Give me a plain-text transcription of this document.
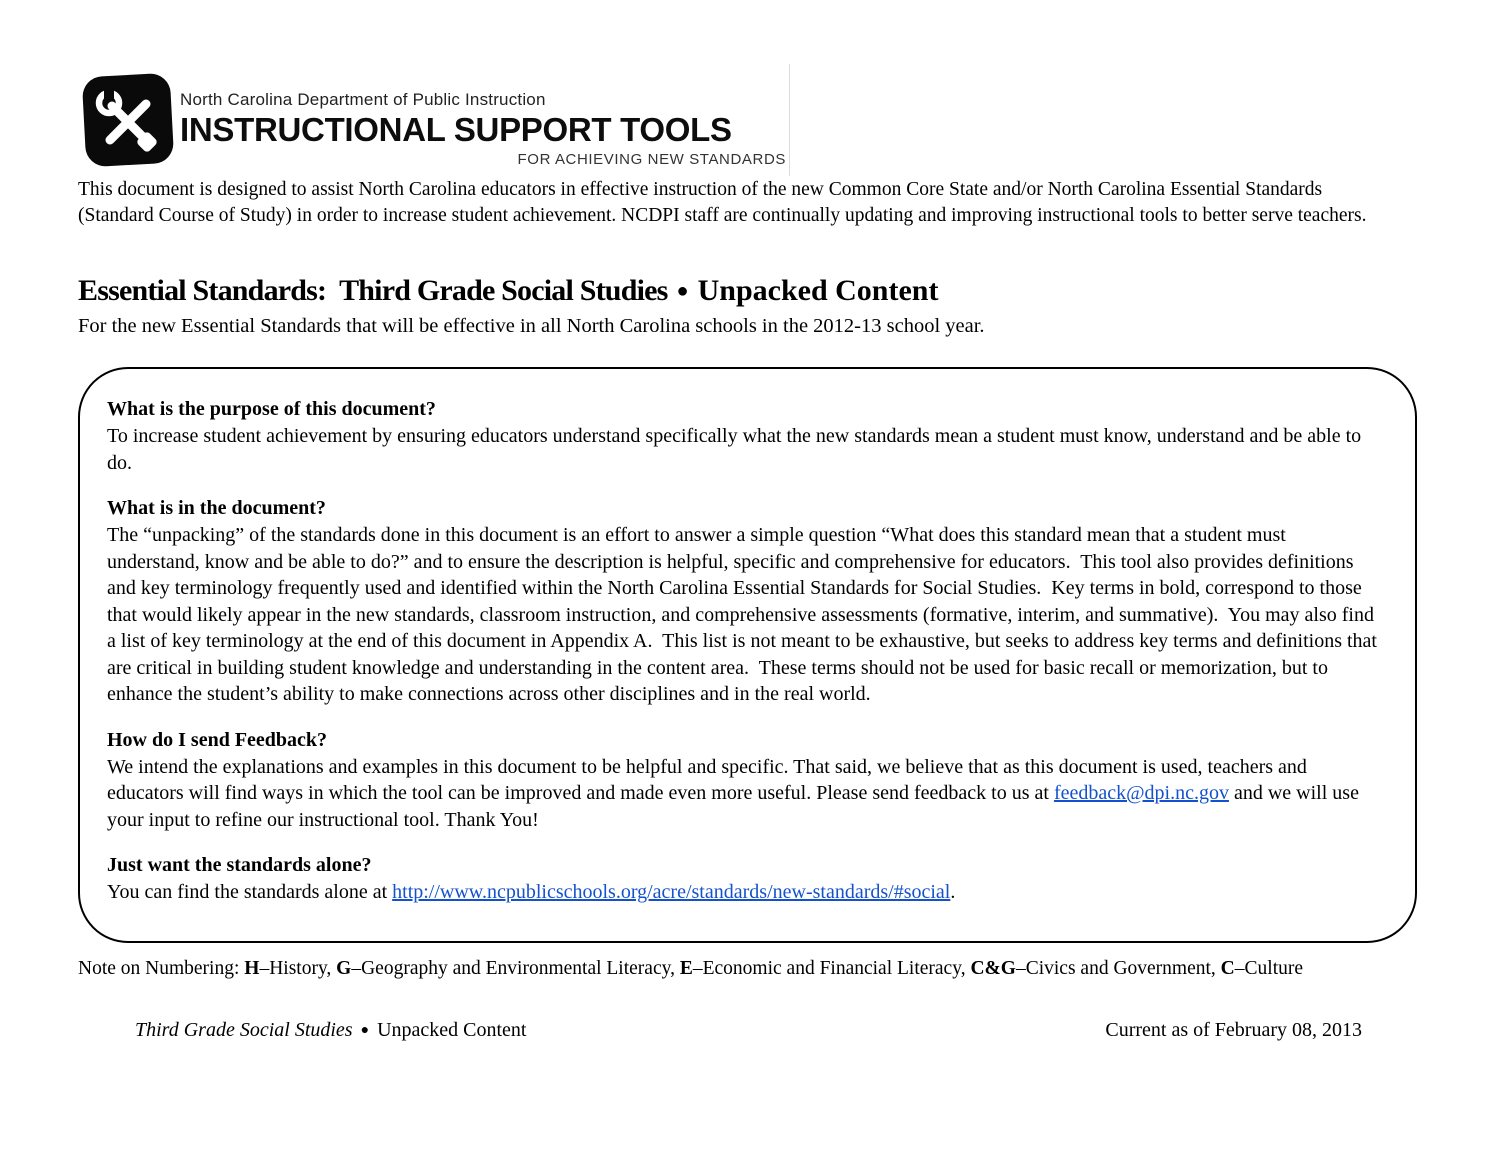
North Carolina Department of Public Instruction
INSTRUCTIONAL SUPPORT TOOLS
FOR ACHIEVING NEW STANDARDS

This document is designed to assist North Carolina educators in effective instruction of the new Common Core State and/or North Carolina Essential Standards (Standard Course of Study) in order to increase student achievement. NCDPI staff are continually updating and improving instructional tools to better serve teachers.

Essential Standards:  Third Grade Social Studies ● Unpacked Content

For the new Essential Standards that will be effective in all North Carolina schools in the 2012-13 school year.

What is the purpose of this document?
To increase student achievement by ensuring educators understand specifically what the new standards mean a student must know, understand and be able to do.
What is in the document?
The “unpacking” of the standards done in this document is an effort to answer a simple question “What does this standard mean that a student must understand, know and be able to do?” and to ensure the description is helpful, specific and comprehensive for educators.  This tool also provides definitions and key terminology frequently used and identified within the North Carolina Essential Standards for Social Studies.  Key terms in bold, correspond to those that would likely appear in the new standards, classroom instruction, and comprehensive assessments (formative, interim, and summative).  You may also find a list of key terminology at the end of this document in Appendix A.  This list is not meant to be exhaustive, but seeks to address key terms and definitions that are critical in building student knowledge and understanding in the content area.  These terms should not be used for basic recall or memorization, but to enhance the student’s ability to make connections across other disciplines and in the real world.
How do I send Feedback?
We intend the explanations and examples in this document to be helpful and specific. That said, we believe that as this document is used, teachers and educators will find ways in which the tool can be improved and made even more useful. Please send feedback to us at feedback@dpi.nc.gov and we will use your input to refine our instructional tool. Thank You!
Just want the standards alone?
You can find the standards alone at http://www.ncpublicschools.org/acre/standards/new-standards/#social.

Note on Numbering: H–History, G–Geography and Environmental Literacy, E–Economic and Financial Literacy, C&G–Civics and Government, C–Culture

Third Grade Social Studies ● Unpacked Content	Current as of February 08, 2013
